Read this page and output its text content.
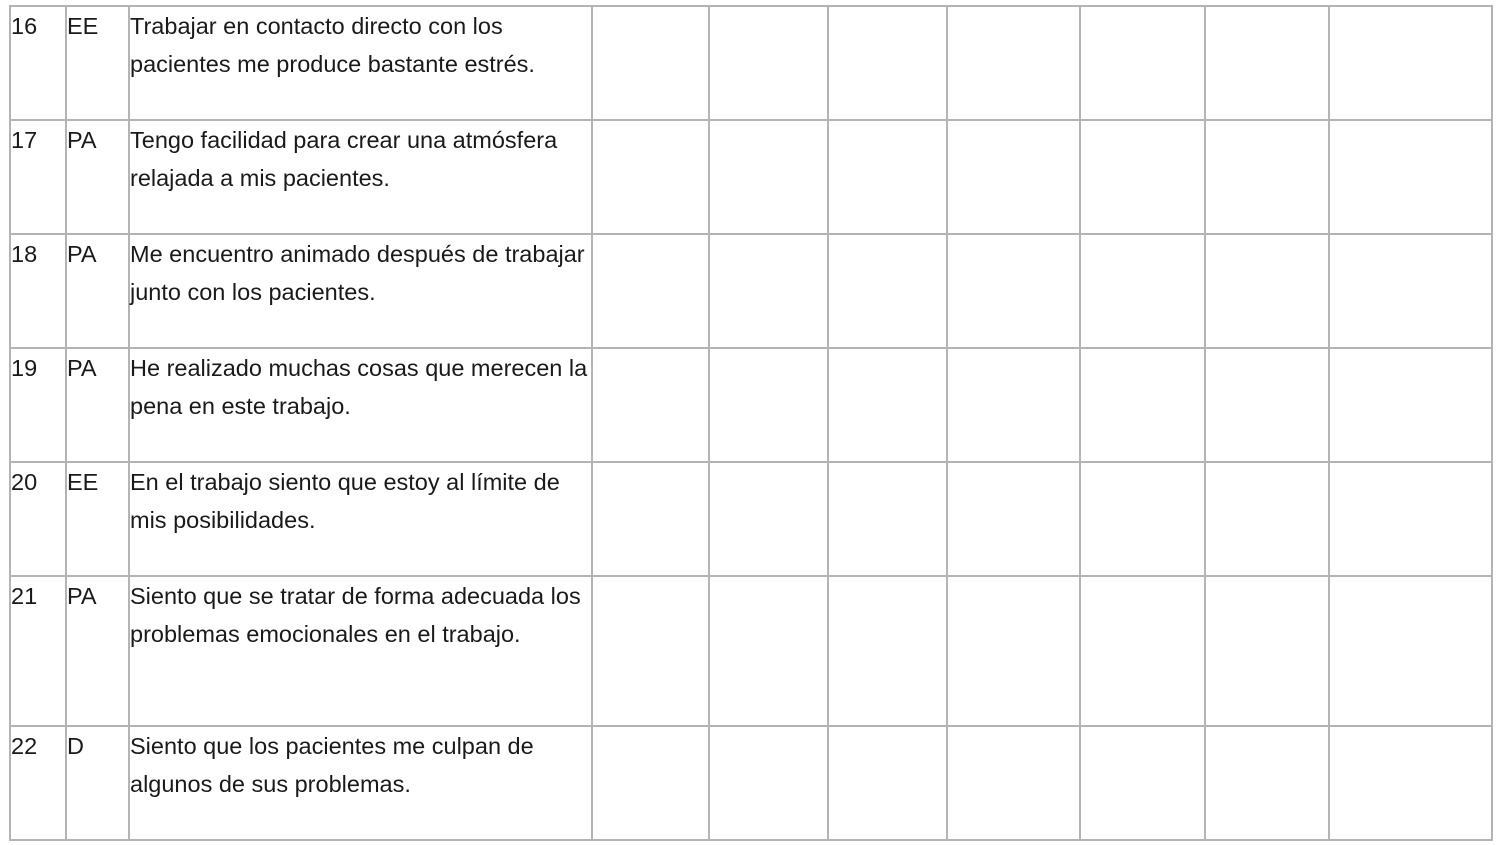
16	EE	Trabajar en contacto directo con los pacientes me produce bastante estrés.							
17	PA	Tengo facilidad para crear una atmósfera relajada a mis pacientes.							
18	PA	Me encuentro animado después de trabajar junto con los pacientes.							
19	PA	He realizado muchas cosas que merecen la pena en este trabajo.							
20	EE	En el trabajo siento que estoy al límite de mis posibilidades.							
21	PA	Siento que se tratar de forma adecuada los problemas emocionales en el trabajo.							
22	D	Siento que los pacientes me culpan de algunos de sus problemas.							
